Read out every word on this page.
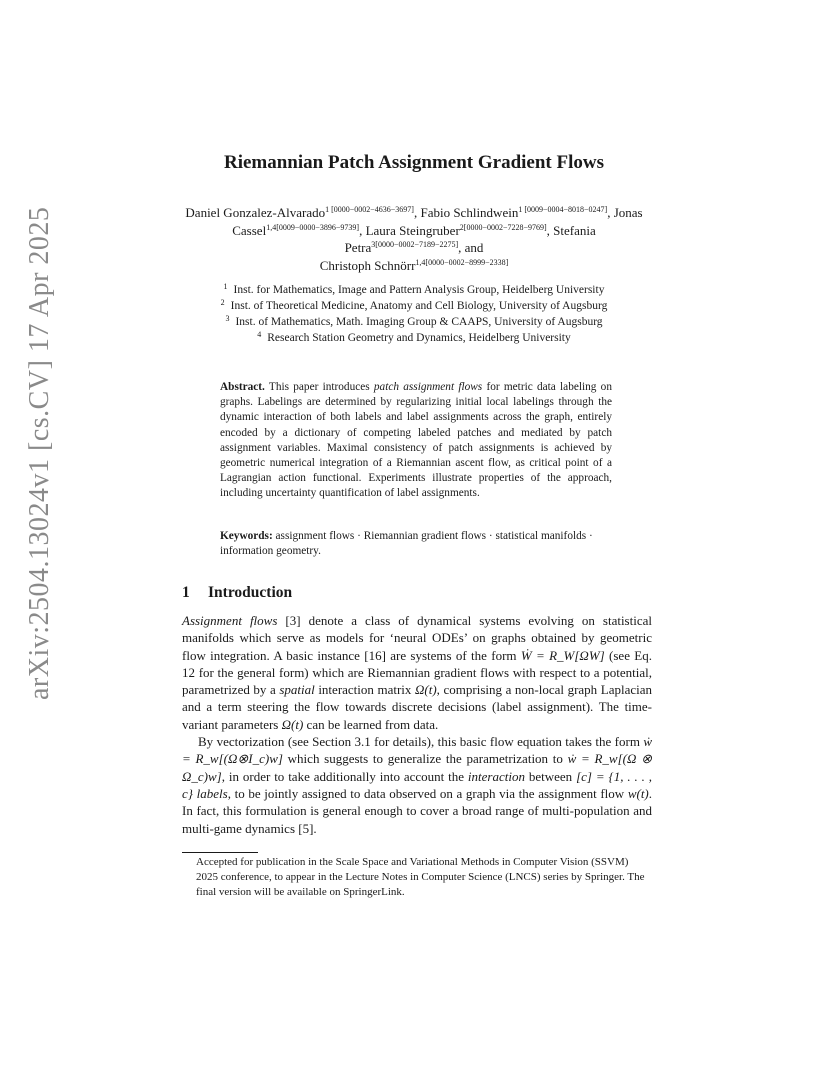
arXiv:2504.13024v1 [cs.CV] 17 Apr 2025
Riemannian Patch Assignment Gradient Flows
Daniel Gonzalez-Alvarado$^{1 [0000-0002-4636-3697]}$, Fabio Schlindwein$^{1 [0009-0004-8018-0247]}$, Jonas Cassel$^{1,4[0009-0000-3896-9739]}$, Laura Steingruber$^{2[0000-0002-7228-9769]}$, Stefania Petra$^{3[0000-0002-7189-2275]}$, and
Christoph Schnörr$^{1,4[0000-0002-8999-2338]}$
$^1$ Inst. for Mathematics, Image and Pattern Analysis Group, Heidelberg University
$^2$ Inst. of Theoretical Medicine, Anatomy and Cell Biology, University of Augsburg
$^3$ Inst. of Mathematics, Math. Imaging Group & CAAPS, University of Augsburg
$^4$ Research Station Geometry and Dynamics, Heidelberg University
Abstract. This paper introduces patch assignment flows for metric data labeling on graphs. Labelings are determined by regularizing initial local labelings through the dynamic interaction of both labels and label assignments across the graph, entirely encoded by a dictionary of competing labeled patches and mediated by patch assignment variables. Maximal consistency of patch assignments is achieved by geometric numerical integration of a Riemannian ascent flow, as critical point of a Lagrangian action functional. Experiments illustrate properties of the approach, including uncertainty quantification of label assignments.
Keywords: assignment flows · Riemannian gradient flows · statistical manifolds · information geometry.
1 Introduction

Assignment flows [3] denote a class of dynamical systems evolving on statistical manifolds which serve as models for ‘neural ODEs’ on graphs obtained by geometric flow integration. A basic instance [16] are systems of the form Ẇ = R_W[ΩW] (see Eq. 12 for the general form) which are Riemannian gradient flows with respect to a potential, parametrized by a spatial interaction matrix Ω(t), comprising a non-local graph Laplacian and a term steering the flow towards discrete decisions (label assignment). The time-variant parameters Ω(t) can be learned from data.

By vectorization (see Section 3.1 for details), this basic flow equation takes the form ẇ = R_w[(Ω⊗I_c)w] which suggests to generalize the parametrization to ẇ = R_w[(Ω ⊗ Ω_c)w], in order to take additionally into account the interaction between [c] = {1, . . . , c} labels, to be jointly assigned to data observed on a graph via the assignment flow w(t). In fact, this formulation is general enough to cover a broad range of multi-population and multi-game dynamics [5].

Accepted for publication in the Scale Space and Variational Methods in Computer Vision (SSVM) 2025 conference, to appear in the Lecture Notes in Computer Science (LNCS) series by Springer. The final version will be available on SpringerLink.
